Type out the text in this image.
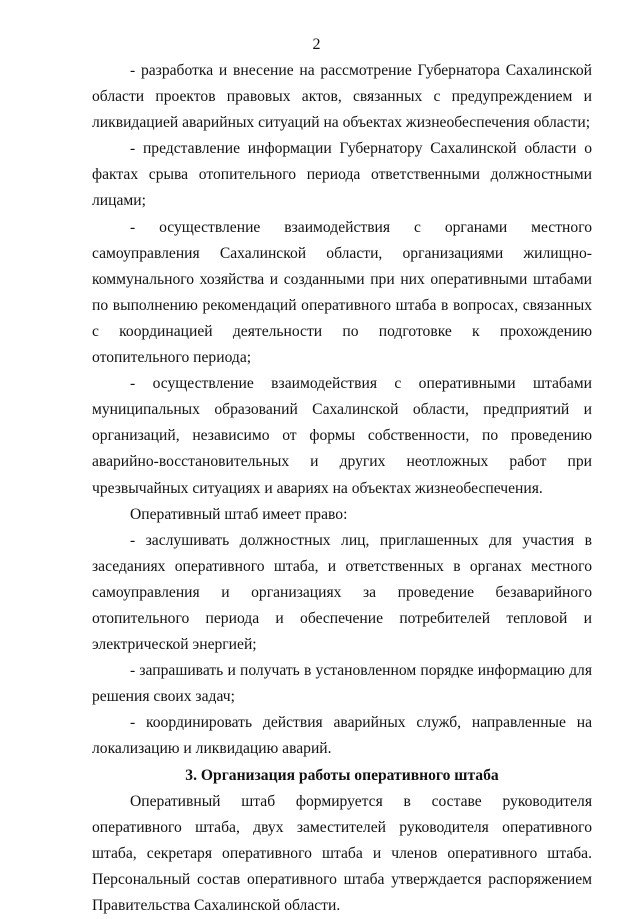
2

- разработка и внесение на рассмотрение Губернатора Сахалинской области проектов правовых актов, связанных с предупреждением и ликвидацией аварийных ситуаций на объектах жизнеобеспечения области;

- представление информации Губернатору Сахалинской области о фактах срыва отопительного периода ответственными должностными лицами;

- осуществление взаимодействия с органами местного самоуправления Сахалинской области, организациями жилищно-коммунального хозяйства и созданными при них оперативными штабами по выполнению рекомендаций оперативного штаба в вопросах, связанных с координацией деятельности по подготовке к прохождению отопительного периода;

- осуществление взаимодействия с оперативными штабами муниципальных образований Сахалинской области, предприятий и организаций, независимо от формы собственности, по проведению аварийно-восстановительных и других неотложных работ при чрезвычайных ситуациях и авариях на объектах жизнеобеспечения.

Оперативный штаб имеет право:

- заслушивать должностных лиц, приглашенных для участия в заседаниях оперативного штаба, и ответственных в органах местного самоуправления и организациях за проведение безаварийного отопительного периода и обеспечение потребителей тепловой и электрической энергией;

- запрашивать и получать в установленном порядке информацию для решения своих задач;

- координировать действия аварийных служб, направленные на локализацию и ликвидацию аварий.

3. Организация работы оперативного штаба

Оперативный штаб формируется в составе руководителя оперативного штаба, двух заместителей руководителя оперативного штаба, секретаря оперативного штаба и членов оперативного штаба. Персональный состав оперативного штаба утверждается распоряжением Правительства Сахалинской области.
